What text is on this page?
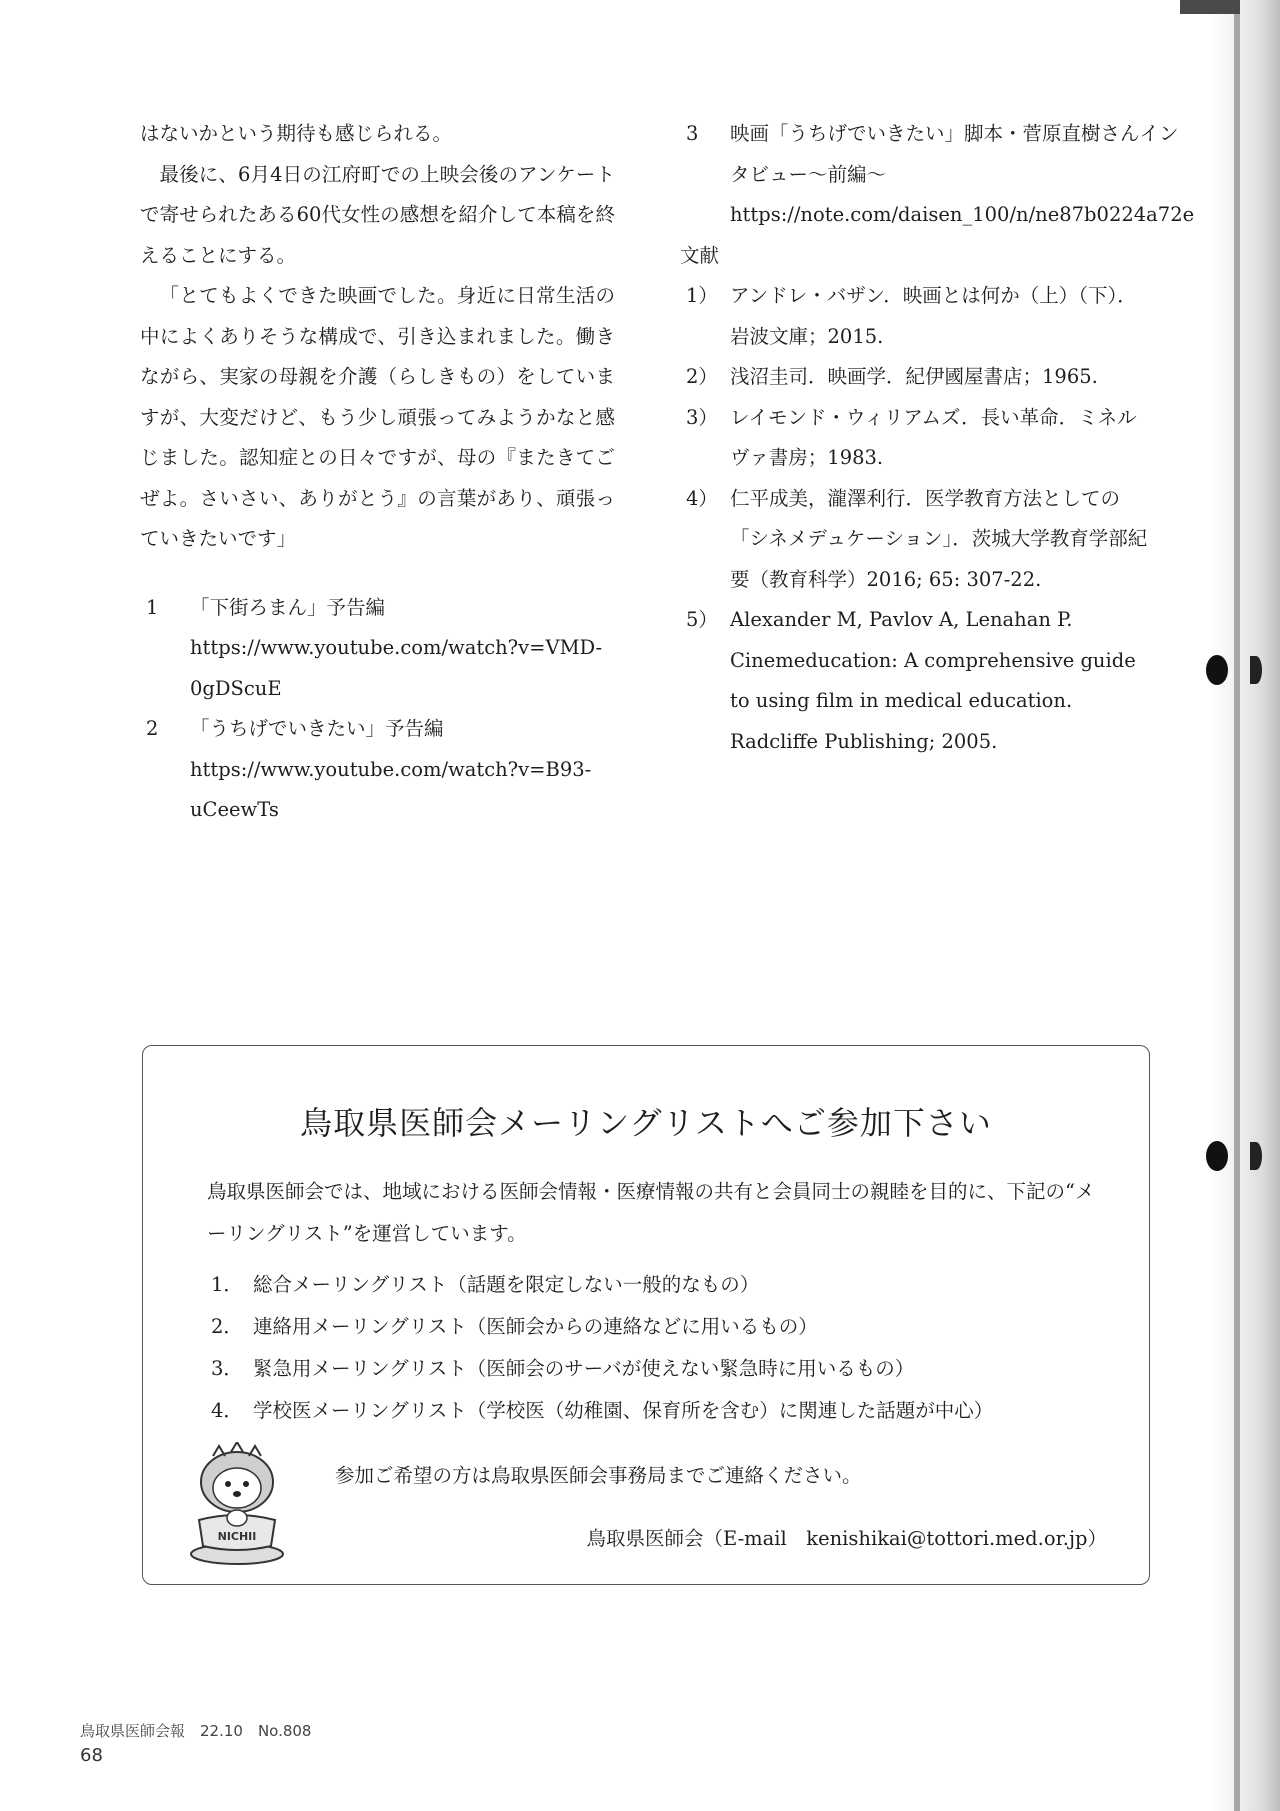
はないかという期待も感じられる。

最後に、6月4日の江府町での上映会後のアンケートで寄せられたある60代女性の感想を紹介して本稿を終えることにする。

「とてもよくできた映画でした。身近に日常生活の中によくありそうな構成で、引き込まれました。働きながら、実家の母親を介護（らしきもの）をしていますが、大変だけど、もう少し頑張ってみようかなと感じました。認知症との日々ですが、母の『またきてごぜよ。さいさい、ありがとう』の言葉があり、頑張っていきたいです」

1	「下街ろまん」予告編 https://www.youtube.com/watch?v=VMD-0gDScuE
2	「うちげでいきたい」予告編 https://www.youtube.com/watch?v=B93-uCeewTs
3	映画「うちげでいきたい」脚本・菅原直樹さんインタビュー〜前編〜 https://note.com/daisen_100/n/ne87b0224a72e

文献

1） アンドレ・バザン．映画とは何か（上）（下）．岩波文庫；2015.
2） 浅沼圭司．映画学．紀伊國屋書店；1965.
3） レイモンド・ウィリアムズ．長い革命．ミネルヴァ書房；1983.
4） 仁平成美，瀧澤利行．医学教育方法としての「シネメデュケーション」．茨城大学教育学部紀要（教育科学）2016; 65: 307-22.
5） Alexander M, Pavlov A, Lenahan P. Cinemeducation: A comprehensive guide to using film in medical education. Radcliffe Publishing; 2005.
鳥取県医師会メーリングリストへご参加下さい
鳥取県医師会では、地域における医師会情報・医療情報の共有と会員同士の親睦を目的に、下記の“メーリングリスト”を運営しています。
1． 総合メーリングリスト（話題を限定しない一般的なもの）
2． 連絡用メーリングリスト（医師会からの連絡などに用いるもの）
3． 緊急用メーリングリスト（医師会のサーバが使えない緊急時に用いるもの）
4． 学校医メーリングリスト（学校医（幼稚園、保育所を含む）に関連した話題が中心）
NICHII
参加ご希望の方は鳥取県医師会事務局までご連絡ください。
鳥取県医師会（E-mail　kenishikai@tottori.med.or.jp）
鳥取県医師会報　22.10　No.808
68
